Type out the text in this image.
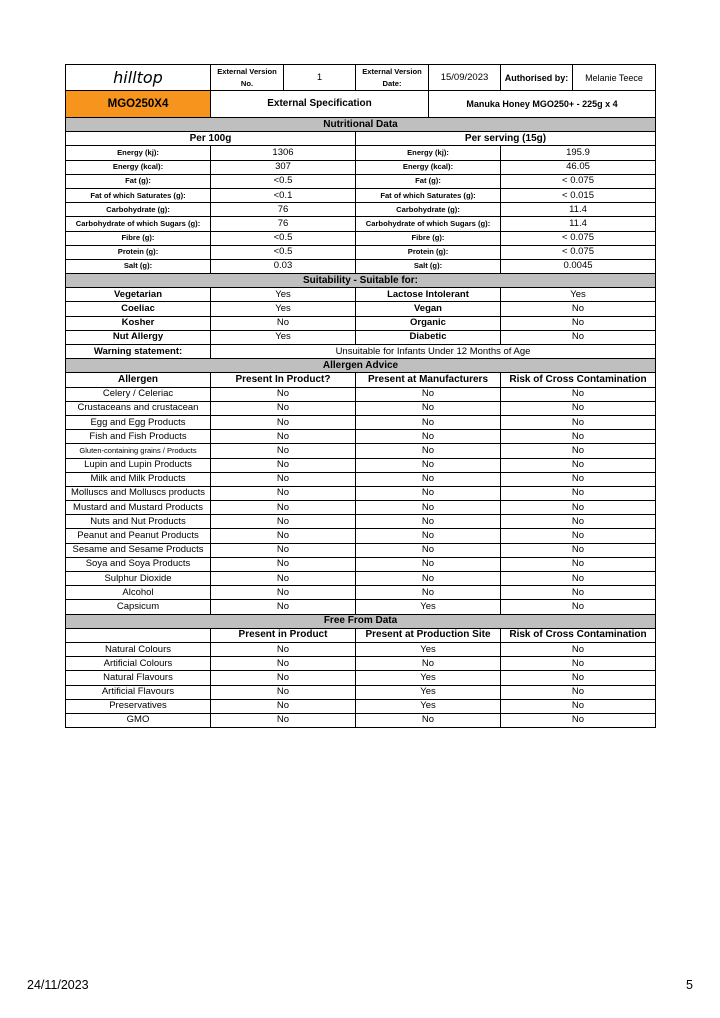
hilltop	External Version No.	1	External Version Date:	15/09/2023	Authorised by:	Melanie Teece
MGO250X4	External Specification			Manuka Honey MGO250+ - 225g x 4		
Nutritional Data						
Per 100g			Per serving (15g)			
Energy (kj):	1306		Energy (kj):		195.9	
Energy (kcal):	307		Energy (kcal):		46.05	
Fat (g):	<0.5		Fat (g):		< 0.075	
Fat of which Saturates (g):	<0.1		Fat of which Saturates (g):		< 0.015	
Carbohydrate (g):	76		Carbohydrate (g):		11.4	
Carbohydrate of which Sugars (g):	76		Carbohydrate of which Sugars (g):		11.4	
Fibre (g):	<0.5		Fibre (g):		< 0.075	
Protein (g):	<0.5		Protein (g):		< 0.075	
Salt (g):	0.03		Salt (g):		0.0045	
Suitability - Suitable for:						
Vegetarian	Yes		Lactose Intolerant		Yes	
Coeliac	Yes		Vegan		No	
Kosher	No		Organic		No	
Nut Allergy	Yes		Diabetic		No	
Warning statement:	Unsuitable for Infants Under 12 Months of Age					
Allergen Advice						
Allergen	Present In Product?		Present at Manufacturers		Risk of Cross Contamination	
Celery / Celeriac	No		No		No	
Crustaceans and crustacean	No		No		No	
Egg and Egg Products	No		No		No	
Fish and Fish Products	No		No		No	
Gluten-containing grains / Products	No		No		No	
Lupin and Lupin Products	No		No		No	
Milk and Milk Products	No		No		No	
Molluscs and Molluscs products	No		No		No	
Mustard and Mustard Products	No		No		No	
Nuts and Nut Products	No		No		No	
Peanut and Peanut Products	No		No		No	
Sesame and Sesame Products	No		No		No	
Soya and Soya Products	No		No		No	
Sulphur Dioxide	No		No		No	
Alcohol	No		No		No	
Capsicum	No		Yes		No	
Free From Data						
	Present in Product		Present at Production Site		Risk of Cross Contamination	
Natural Colours	No		Yes		No	
Artificial Colours	No		No		No	
Natural Flavours	No		Yes		No	
Artificial Flavours	No		Yes		No	
Preservatives	No		Yes		No	
GMO	No		No		No	
24/11/2023	5
